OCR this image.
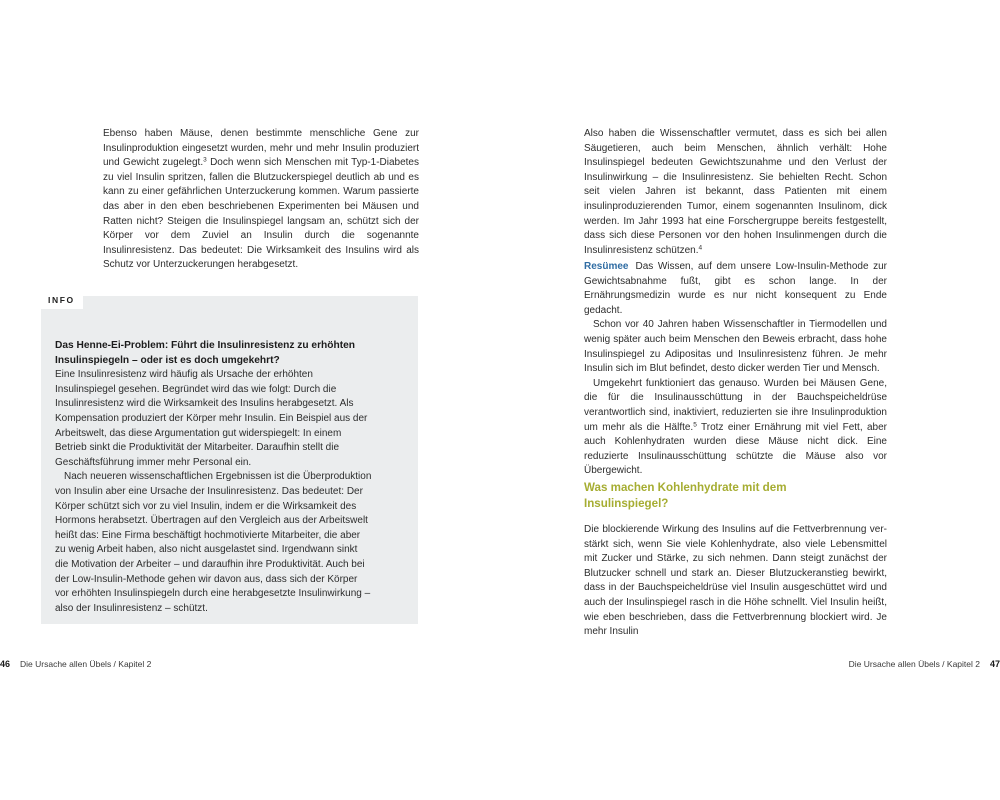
Ebenso haben Mäuse, denen bestimmte menschliche Gene zur Insulinproduktion eingesetzt wurden, mehr und mehr Insulin produziert und Gewicht zugelegt.$^3$ Doch wenn sich Menschen mit Typ-1-Diabetes zu viel Insulin spritzen, fallen die Blutzuckerspiegel deutlich ab und es kann zu einer gefährlichen Unterzuckerung kommen. Warum passierte das aber in den eben beschriebenen Experimenten bei Mäusen und Ratten nicht? Steigen die Insulinspiegel langsam an, schützt sich der Körper vor dem Zuviel an Insulin durch die sogenannte Insulinresistenz. Das bedeutet: Die Wirksamkeit des Insulins wird als Schutz vor Unterzuckerungen herabgesetzt.

INFO

Das Henne-Ei-Problem: Führt die Insulinresistenz zu erhöhten Insulinspiegeln – oder ist es doch umgekehrt?

Eine Insulinresistenz wird häufig als Ursache der erhöhten Insulinspiegel gesehen. Begründet wird das wie folgt: Durch die Insulinresistenz wird die Wirksamkeit des Insulins herabgesetzt. Als Kompensation produziert der Körper mehr Insulin. Ein Beispiel aus der Arbeitswelt, das diese Argumentation gut widerspiegelt: In einem Betrieb sinkt die Produktivität der Mitarbeiter. Daraufhin stellt die Geschäftsführung immer mehr Personal ein.

Nach neueren wissenschaftlichen Ergebnissen ist die Überproduktion von Insulin aber eine Ursache der Insulinresistenz. Das bedeutet: Der Körper schützt sich vor zu viel Insulin, indem er die Wirksamkeit des Hormons herabsetzt. Übertragen auf den Vergleich aus der Arbeitswelt heißt das: Eine Firma beschäftigt hochmotivierte Mitarbeiter, die aber zu wenig Arbeit haben, also nicht ausgelastet sind. Irgendwann sinkt die Motivation der Arbeiter – und daraufhin ihre Produktivität. Auch bei der Low-Insulin-Methode gehen wir davon aus, dass sich der Körper vor erhöhten Insulinspiegeln durch eine herabgesetzte Insulinwirkung – also der Insulinresistenz – schützt.

46 Die Ursache allen Übels / Kapitel 2

Also haben die Wissenschaftler vermutet, dass es sich bei allen Säugetieren, auch beim Menschen, ähnlich verhält: Hohe Insulinspiegel bedeuten Gewichtszunahme und den Verlust der Insulinwirkung – die Insulinresistenz. Sie behielten Recht. Schon seit vielen Jahren ist bekannt, dass Patienten mit einem insulinproduzierenden Tumor, einem sogenannten Insulinom, dick werden. Im Jahr 1993 hat eine Forschergruppe bereits festgestellt, dass sich diese Personen vor den hohen Insulinmengen durch die Insulinresistenz schützen.$^4$

Resümee Das Wissen, auf dem unsere Low-Insulin-Methode zur Gewichtsabnahme fußt, gibt es schon lange. In der Ernährungsmedizin wurde es nur nicht konsequent zu Ende gedacht.

Schon vor 40 Jahren haben Wissenschaftler in Tiermodellen und wenig später auch beim Menschen den Beweis erbracht, dass hohe Insulinspiegel zu Adipositas und Insulinresistenz führen. Je mehr Insulin sich im Blut befindet, desto dicker werden Tier und Mensch.

Umgekehrt funktioniert das genauso. Wurden bei Mäusen Gene, die für die Insulinausschüttung in der Bauchspeicheldrüse verantwortlich sind, inaktiviert, reduzierten sie ihre Insulinproduktion um mehr als die Hälfte.$^5$ Trotz einer Ernährung mit viel Fett, aber auch Kohlenhydraten wurden diese Mäuse nicht dick. Eine reduzierte Insulinausschüttung schützte die Mäuse also vor Übergewicht.

Was machen Kohlenhydrate mit dem Insulinspiegel?

Die blockierende Wirkung des Insulins auf die Fettverbrennung verstärkt sich, wenn Sie viele Kohlenhydrate, also viele Lebensmittel mit Zucker und Stärke, zu sich nehmen. Dann steigt zunächst der Blutzucker schnell und stark an. Dieser Blutzuckeranstieg bewirkt, dass in der Bauchspeicheldrüse viel Insulin ausgeschüttet wird und auch der Insulinspiegel rasch in die Höhe schnellt. Viel Insulin heißt, wie eben beschrieben, dass die Fettverbrennung blockiert wird. Je mehr Insulin

Die Ursache allen Übels / Kapitel 2 47
